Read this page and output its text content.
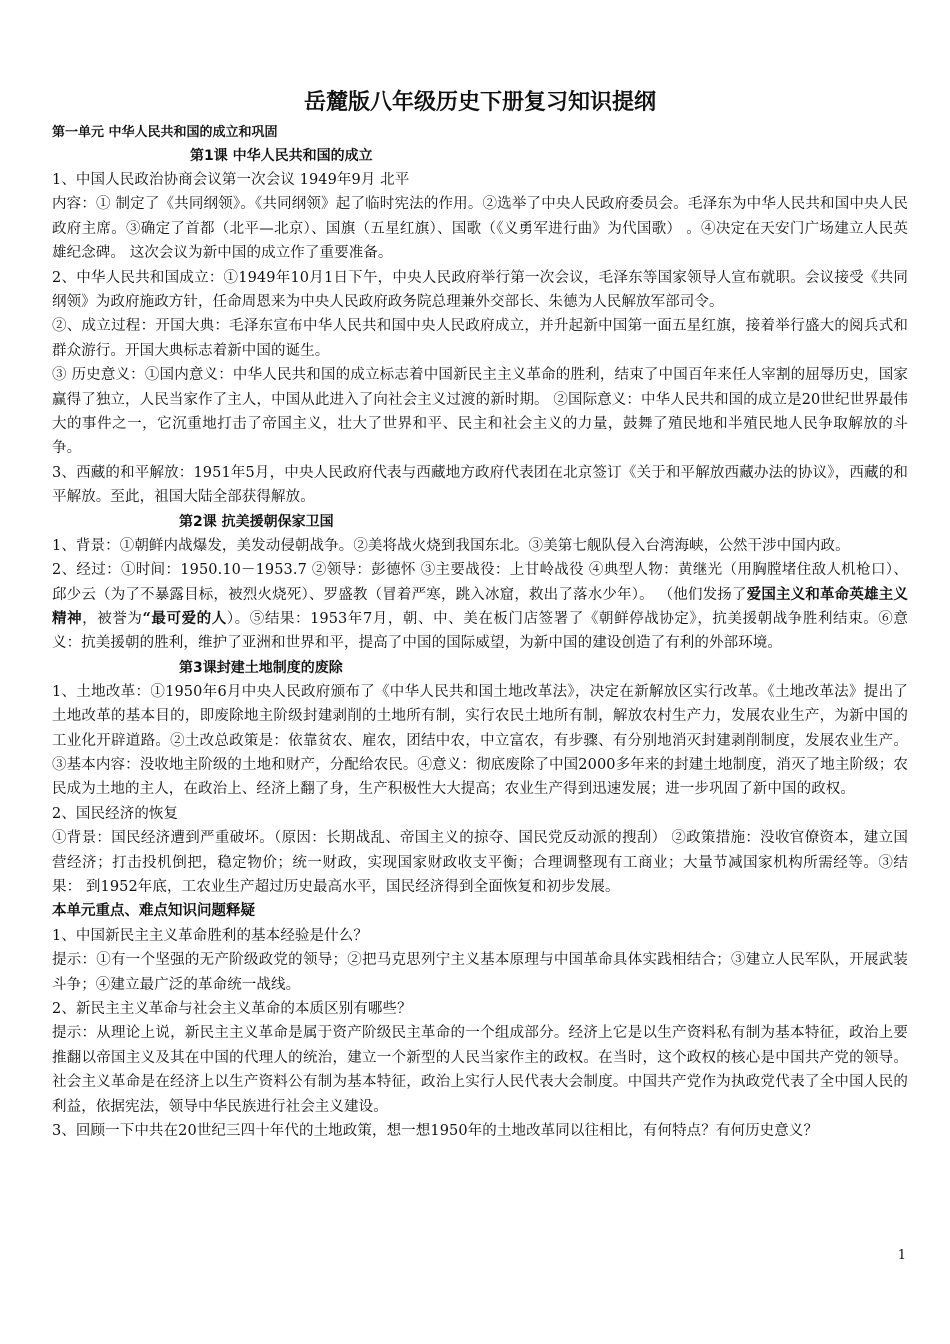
岳麓版八年级历史下册复习知识提纲
第一单元 中华人民共和国的成立和巩固
第1课 中华人民共和国的成立

1、中国人民政治协商会议第一次会议 1949年9月 北平

内容：① 制定了《共同纲领》。《共同纲领》起了临时宪法的作用。②选举了中央人民政府委员会。毛泽东为中华人民共和国中央人民政府主席。③确定了首都（北平—北京）、国旗（五星红旗）、国歌（《义勇军进行曲》为代国歌） 。④决定在天安门广场建立人民英雄纪念碑。 这次会议为新中国的成立作了重要准备。

2、中华人民共和国成立：①1949年10月1日下午，中央人民政府举行第一次会议，毛泽东等国家领导人宣布就职。会议接受《共同纲领》为政府施政方针，任命周恩来为中央人民政府政务院总理兼外交部长、朱德为人民解放军部司令。

②、成立过程：开国大典：毛泽东宣布中华人民共和国中央人民政府成立，并升起新中国第一面五星红旗，接着举行盛大的阅兵式和群众游行。开国大典标志着新中国的诞生。

③ 历史意义：①国内意义：中华人民共和国的成立标志着中国新民主主义革命的胜利，结束了中国百年来任人宰割的屈辱历史，国家赢得了独立，人民当家作了主人，中国从此进入了向社会主义过渡的新时期。 ②国际意义：中华人民共和国的成立是20世纪世界最伟大的事件之一，它沉重地打击了帝国主义，壮大了世界和平、民主和社会主义的力量，鼓舞了殖民地和半殖民地人民争取解放的斗争。

3、西藏的和平解放：1951年5月，中央人民政府代表与西藏地方政府代表团在北京签订《关于和平解放西藏办法的协议》，西藏的和平解放。至此，祖国大陆全部获得解放。

第2课 抗美援朝保家卫国

1、背景：①朝鲜内战爆发，美发动侵朝战争。②美将战火烧到我国东北。③美第七舰队侵入台湾海峡，公然干涉中国内政。

2、经过：①时间：1950.10－1953.7 ②领导：彭德怀 ③主要战役：上甘岭战役 ④典型人物：黄继光（用胸膛堵住敌人机枪口）、邱少云（为了不暴露目标，被烈火烧死）、罗盛教（冒着严寒，跳入冰窟，救出了落水少年）。 （他们发扬了爱国主义和革命英雄主义精神，被誉为“最可爱的人）。⑤结果：1953年7月，朝、中、美在板门店签署了《朝鲜停战协定》，抗美援朝战争胜利结束。⑥意义：抗美援朝的胜利，维护了亚洲和世界和平，提高了中国的国际威望，为新中国的建设创造了有利的外部环境。

第3课封建土地制度的废除

1、土地改革：①1950年6月中央人民政府颁布了《中华人民共和国土地改革法》，决定在新解放区实行改革。《土地改革法》提出了土地改革的基本目的，即废除地主阶级封建剥削的土地所有制，实行农民土地所有制，解放农村生产力，发展农业生产，为新中国的工业化开辟道路。②土改总政策是：依靠贫农、雇农，团结中农，中立富农，有步骤、有分别地消灭封建剥削制度，发展农业生产。 ③基本内容：没收地主阶级的土地和财产，分配给农民。④意义：彻底废除了中国2000多年来的封建土地制度，消灭了地主阶级；农民成为土地的主人，在政治上、经济上翻了身，生产积极性大大提高；农业生产得到迅速发展；进一步巩固了新中国的政权。

2、国民经济的恢复

①背景：国民经济遭到严重破坏。（原因：长期战乱、帝国主义的掠夺、国民党反动派的搜刮） ②政策措施：没收官僚资本，建立国营经济；打击投机倒把，稳定物价；统一财政，实现国家财政收支平衡；合理调整现有工商业；大量节减国家机构所需经等。③结果： 到1952年底，工农业生产超过历史最高水平，国民经济得到全面恢复和初步发展。

本单元重点、难点知识问题释疑

1、中国新民主主义革命胜利的基本经验是什么？

提示：①有一个坚强的无产阶级政党的领导；②把马克思列宁主义基本原理与中国革命具体实践相结合；③建立人民军队，开展武装斗争；④建立最广泛的革命统一战线。

2、新民主主义革命与社会主义革命的本质区别有哪些？

提示：从理论上说，新民主主义革命是属于资产阶级民主革命的一个组成部分。经济上它是以生产资料私有制为基本特征，政治上要推翻以帝国主义及其在中国的代理人的统治，建立一个新型的人民当家作主的政权。在当时，这个政权的核心是中国共产党的领导。社会主义革命是在经济上以生产资料公有制为基本特征，政治上实行人民代表大会制度。中国共产党作为执政党代表了全中国人民的利益，依据宪法，领导中华民族进行社会主义建设。

3、回顾一下中共在20世纪三四十年代的土地政策，想一想1950年的土地改革同以往相比，有何特点？有何历史意义？

1
